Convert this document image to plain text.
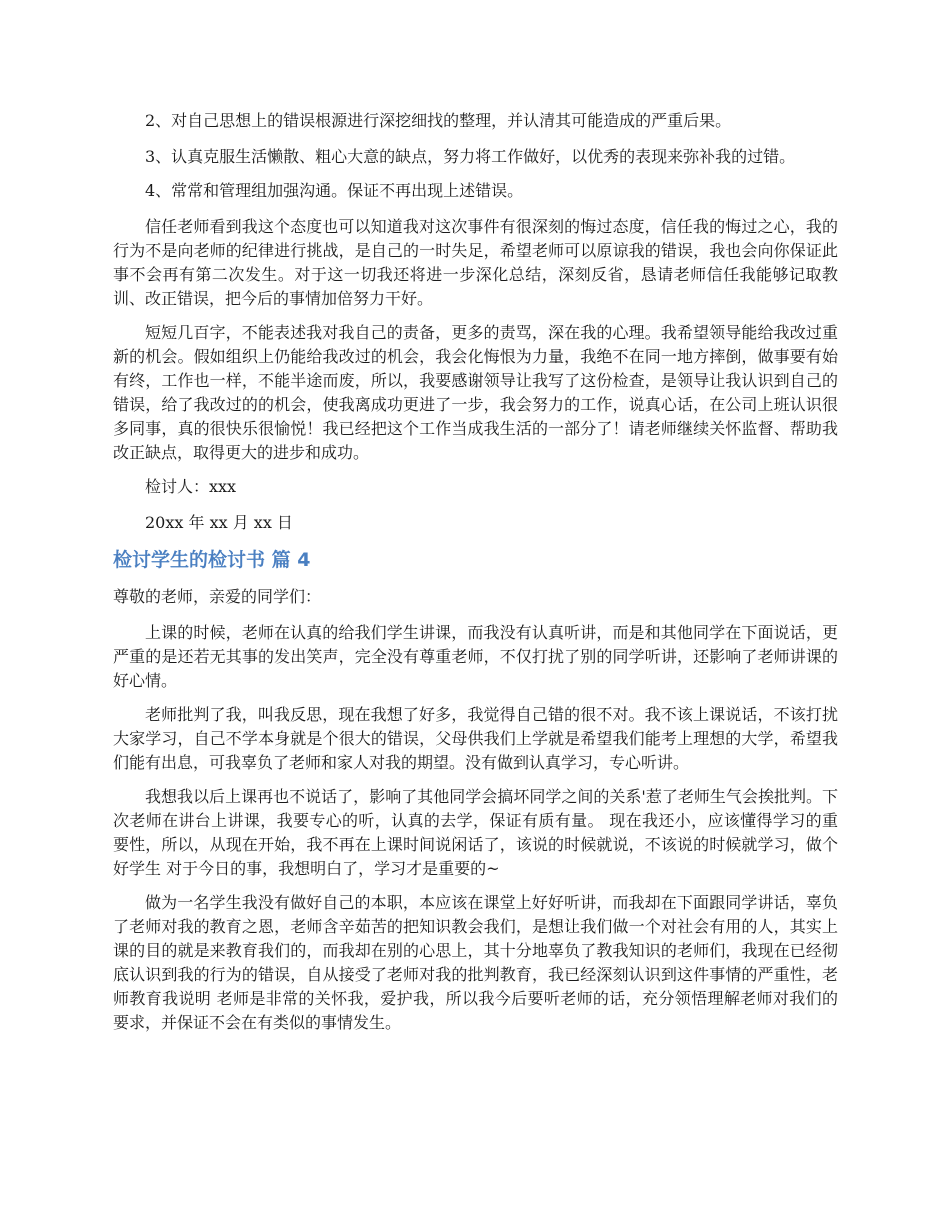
2、对自己思想上的错误根源进行深挖细找的整理，并认清其可能造成的严重后果。

3、认真克服生活懒散、粗心大意的缺点，努力将工作做好，以优秀的表现来弥补我的过错。

4、常常和管理组加强沟通。保证不再出现上述错误。

信任老师看到我这个态度也可以知道我对这次事件有很深刻的悔过态度，信任我的悔过之心，我的行为不是向老师的纪律进行挑战，是自己的一时失足，希望老师可以原谅我的错误，我也会向你保证此事不会再有第二次发生。对于这一切我还将进一步深化总结，深刻反省，恳请老师信任我能够记取教训、改正错误，把今后的事情加倍努力干好。

短短几百字，不能表述我对我自己的责备，更多的责骂，深在我的心理。我希望领导能给我改过重新的机会。假如组织上仍能给我改过的机会，我会化悔恨为力量，我绝不在同一地方摔倒，做事要有始有终，工作也一样，不能半途而废，所以，我要感谢领导让我写了这份检查，是领导让我认识到自己的错误，给了我改过的的机会，使我离成功更进了一步，我会努力的工作，说真心话，在公司上班认识很多同事，真的很快乐很愉悦！我已经把这个工作当成我生活的一部分了！请老师继续关怀监督、帮助我改正缺点，取得更大的进步和成功。

检讨人：xxx

20xx 年 xx 月 xx 日

检讨学生的检讨书 篇 4

尊敬的老师，亲爱的同学们：

上课的时候，老师在认真的给我们学生讲课，而我没有认真听讲，而是和其他同学在下面说话，更严重的是还若无其事的发出笑声，完全没有尊重老师，不仅打扰了别的同学听讲，还影响了老师讲课的好心情。

老师批判了我，叫我反思，现在我想了好多，我觉得自己错的很不对。我不该上课说话，不该打扰大家学习，自己不学本身就是个很大的错误，父母供我们上学就是希望我们能考上理想的大学，希望我们能有出息，可我辜负了老师和家人对我的期望。没有做到认真学习，专心听讲。

我想我以后上课再也不说话了，影响了其他同学会搞坏同学之间的关系'惹了老师生气会挨批判。下次老师在讲台上讲课，我要专心的听，认真的去学，保证有质有量。 现在我还小，应该懂得学习的重要性，所以，从现在开始，我不再在上课时间说闲话了，该说的时候就说，不该说的时候就学习，做个好学生 对于今日的事，我想明白了，学习才是重要的~

做为一名学生我没有做好自己的本职，本应该在课堂上好好听讲，而我却在下面跟同学讲话，辜负了老师对我的教育之恩，老师含辛茹苦的把知识教会我们，是想让我们做一个对社会有用的人，其实上课的目的就是来教育我们的，而我却在别的心思上，其十分地辜负了教我知识的老师们，我现在已经彻底认识到我的行为的错误，自从接受了老师对我的批判教育，我已经深刻认识到这件事情的严重性，老师教育我说明 老师是非常的关怀我，爱护我，所以我今后要听老师的话，充分领悟理解老师对我们的要求，并保证不会在有类似的事情发生。
